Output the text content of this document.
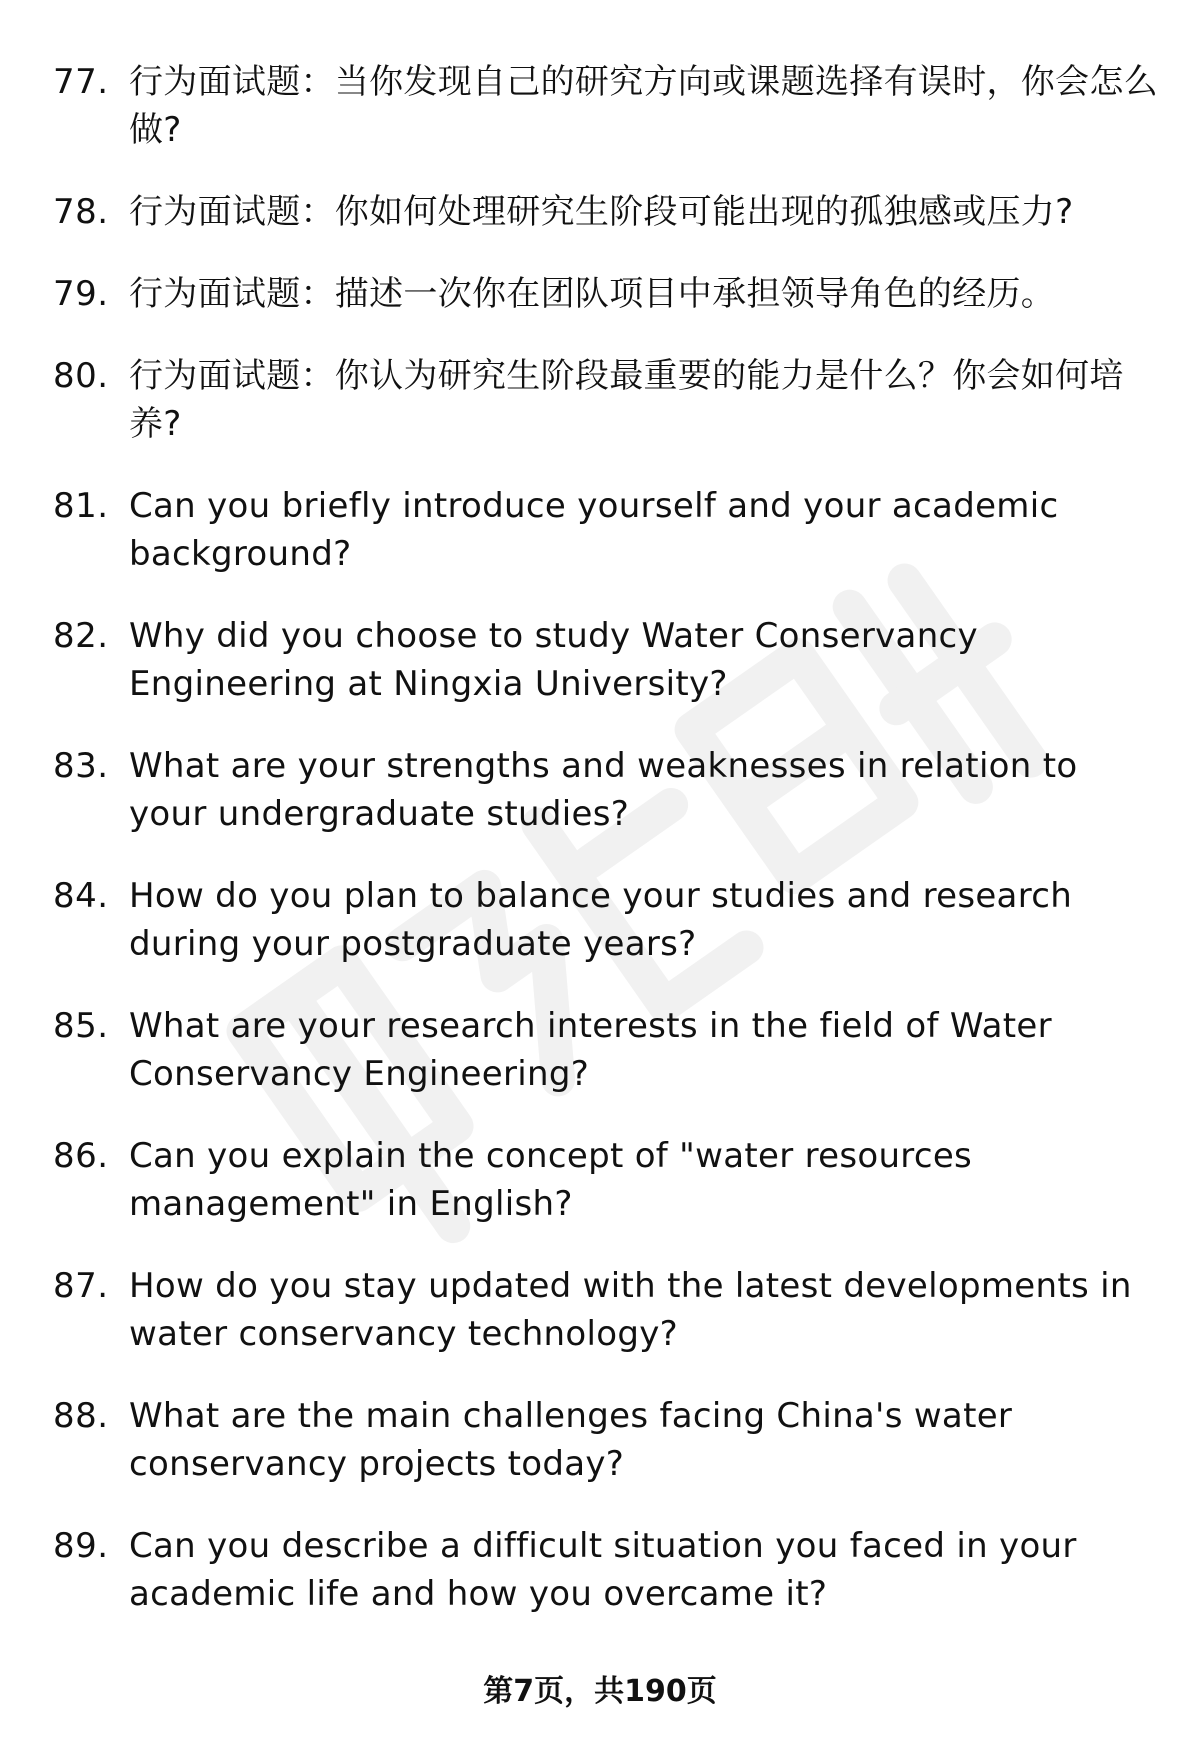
77. 行为面试题：当你发现自己的研究方向或课题选择有误时，你会怎么做?
78. 行为面试题：你如何处理研究生阶段可能出现的孤独感或压力?
79. 行为面试题：描述一次你在团队项目中承担领导角色的经历。
80. 行为面试题：你认为研究生阶段最重要的能力是什么？你会如何培养?
81. Can you briefly introduce yourself and your academic background?
82. Why did you choose to study Water Conservancy Engineering at Ningxia University?
83. What are your strengths and weaknesses in relation to your undergraduate studies?
84. How do you plan to balance your studies and research during your postgraduate years?
85. What are your research interests in the field of Water Conservancy Engineering?
86. Can you explain the concept of "water resources management" in English?
87. How do you stay updated with the latest developments in water conservancy technology?
88. What are the main challenges facing China's water conservancy projects today?
89. Can you describe a difficult situation you faced in your academic life and how you overcame it?
第7页，共190页
